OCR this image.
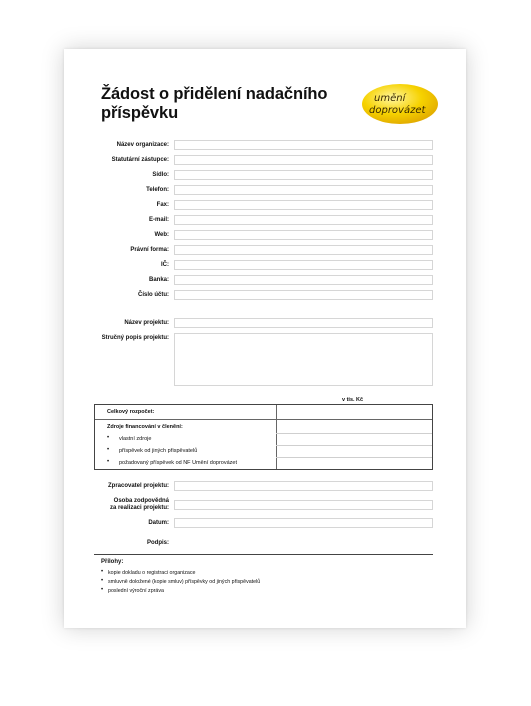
Žádost o přidělení nadačního příspěvku
umění
doprovázet
Název organizace:
Statutární zástupce:
Sídlo:
Telefon:
Fax:
E-mail:
Web:
Právní forma:
IČ:
Banka:
Číslo účtu:
Název projektu:
Stručný popis projektu:
v tis. Kč
Celkový rozpočet:
Zdroje financování v členění:
• vlastní zdroje
• příspěvek od jiných přispěvatelů
• požadovaný příspěvek od NF Umění doprovázet
Zpracovatel projektu:
Osoba zodpovědná
za realizaci projektu:
Datum:
Podpis:
Přílohy:
• kopie dokladu o registraci organizace
• smluvně doložené (kopie smluv) příspěvky od jiných přispěvatelů
• poslední výroční zpráva
